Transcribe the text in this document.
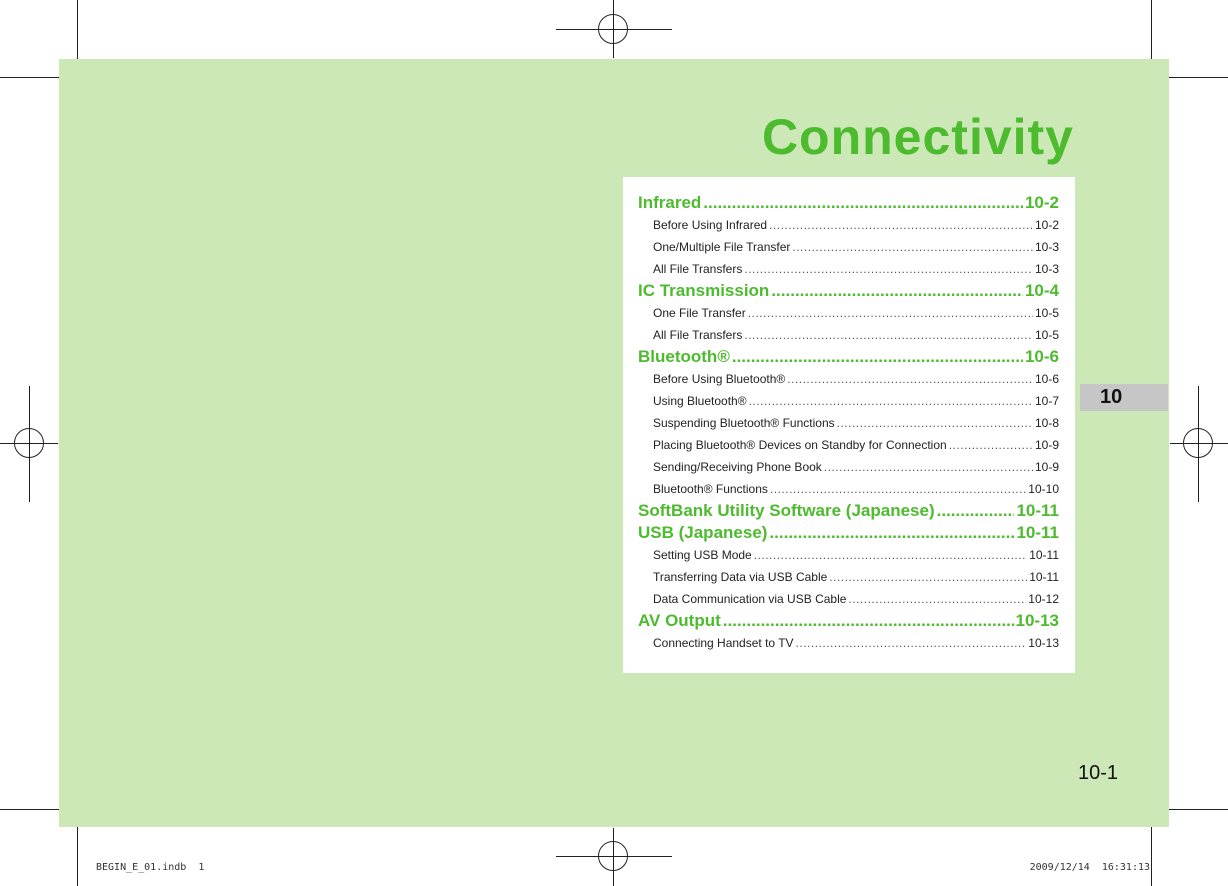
Connectivity
Infrared .....	10-2
Before Using Infrared .....	10-2
One/Multiple File Transfer .....	10-3
All File Transfers .....	10-3
IC Transmission .....	10-4
One File Transfer .....	10-5
All File Transfers .....	10-5
Bluetooth® .....	10-6
Before Using Bluetooth® .....	10-6
Using Bluetooth® .....	10-7
Suspending Bluetooth® Functions .....	10-8
Placing Bluetooth® Devices on Standby for Connection .....	10-9
Sending/Receiving Phone Book .....	10-9
Bluetooth® Functions .....	10-10
SoftBank Utility Software (Japanese) .....	10-11
USB (Japanese) .....	10-11
Setting USB Mode .....	10-11
Transferring Data via USB Cable .....	10-11
Data Communication via USB Cable .....	10-12
AV Output .....	10-13
Connecting Handset to TV .....	10-13
10
10-1
BEGIN_E_01.indb 1	2009/12/14 16:31:13
